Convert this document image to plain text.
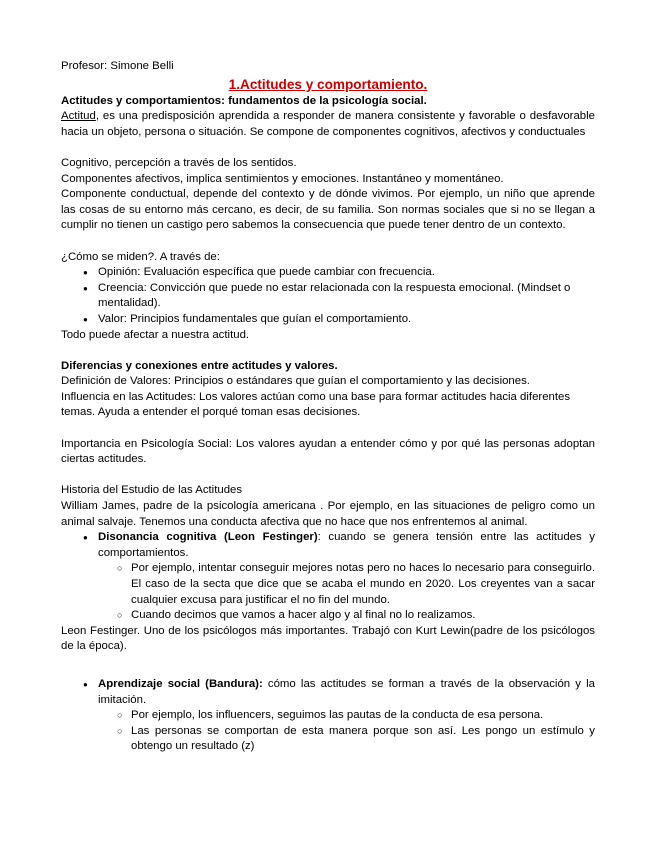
Profesor: Simone Belli

1.Actitudes y comportamiento.

Actitudes y comportamientos: fundamentos de la psicología social.

Actitud, es una predisposición aprendida a responder de manera consistente y favorable o desfavorable hacia un objeto, persona o situación. Se compone de componentes cognitivos, afectivos y conductuales

Cognitivo, percepción a través de los sentidos.

Componentes afectivos, implica sentimientos y emociones. Instantáneo y momentáneo.

Componente conductual, depende del contexto y de dónde vivimos. Por ejemplo, un niño que aprende las cosas de su entorno más cercano, es decir, de su familia. Son normas sociales que si no se llegan a cumplir no tienen un castigo pero sabemos la consecuencia que puede tener dentro de un contexto.

¿Cómo se miden?. A través de:

● Opinión: Evaluación específica que puede cambiar con frecuencia.
● Creencia: Convicción que puede no estar relacionada con la respuesta emocional. (Mindset o mentalidad).
● Valor: Principios fundamentales que guían el comportamiento.

Todo puede afectar a nuestra actitud.

Diferencias y conexiones entre actitudes y valores.

Definición de Valores: Principios o estándares que guían el comportamiento y las decisiones.

Influencia en las Actitudes: Los valores actúan como una base para formar actitudes hacia diferentes temas. Ayuda a entender el porqué toman esas decisiones.

Importancia en Psicología Social: Los valores ayudan a entender cómo y por qué las personas adoptan ciertas actitudes.

Historia del Estudio de las Actitudes

William James, padre de la psicología americana . Por ejemplo, en las situaciones de peligro como un animal salvaje. Tenemos una conducta afectiva que no hace que nos enfrentemos al animal.

● Disonancia cognitiva (Leon Festinger): cuando se genera tensión entre las actitudes y comportamientos.
○ Por ejemplo, intentar conseguir mejores notas pero no haces lo necesario para conseguirlo. El caso de la secta que dice que se acaba el mundo en 2020. Los creyentes van a sacar cualquier excusa para justificar el no fin del mundo.
○ Cuando decimos que vamos a hacer algo y al final no lo realizamos.

Leon Festinger. Uno de los psicólogos más importantes. Trabajó con Kurt Lewin(padre de los psicólogos de la época).

● Aprendizaje social (Bandura): cómo las actitudes se forman a través de la observación y la imitación.
○ Por ejemplo, los influencers, seguimos las pautas de la conducta de esa persona.
○ Las personas se comportan de esta manera porque son así. Les pongo un estímulo y obtengo un resultado (z)
